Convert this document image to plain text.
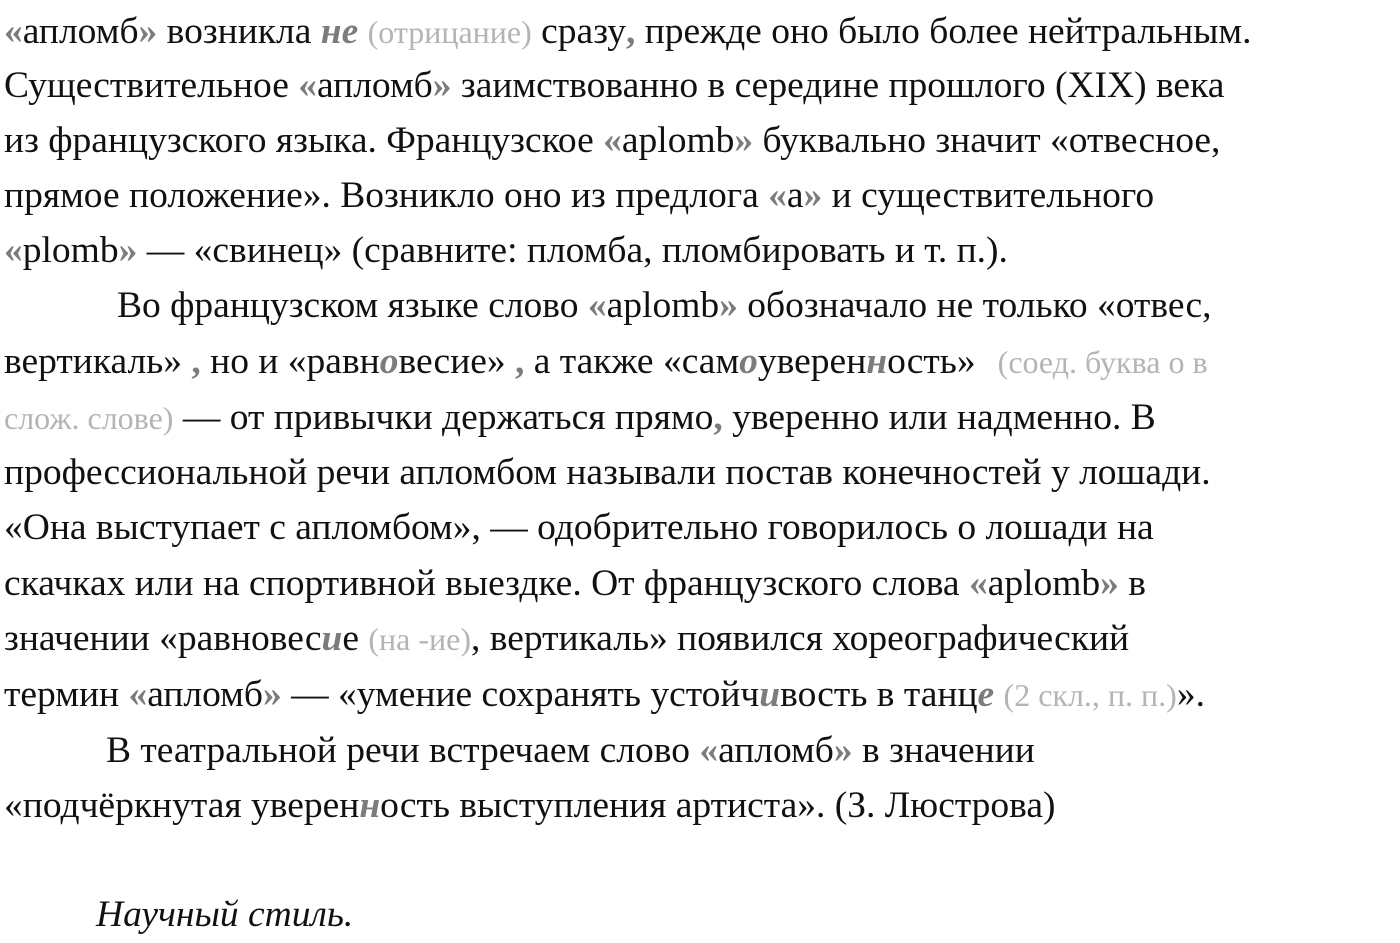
«апломб» возникла не (отрицание) сразу, прежде оно было более нейтральным.
Существительное «апломб» заимствованно в середине прошлого (XIX) века
из французского языка. Французское «aplomb» буквально значит «отвесное,
прямое положение». Возникло оно из предлога «а» и существительного
«plomb» — «свинец» (сравните: пломба, пломбировать и т. п.).
Во французском языке слово «aplomb» обозначало не только «отвес,
вертикаль» , но и «равновесие» , а также «самоуверенность» (соед. буква о в
слож. слове) — от привычки держаться прямо, уверенно или надменно. В
профессиональной речи апломбом называли постав конечностей у лошади.
«Она выступает с апломбом», — одобрительно говорилось о лошади на
скачках или на спортивной выездке. От французского слова «aplomb» в
значении «равновесие (на -ие), вертикаль» появился хореографический
термин «апломб» — «умение сохранять устойчивость в танце (2 скл., п. п.)».
В театральной речи встречаем слово «апломб» в значении
«подчёркнутая уверенность выступления артиста». (З. Люстрова)
Научный стиль.
